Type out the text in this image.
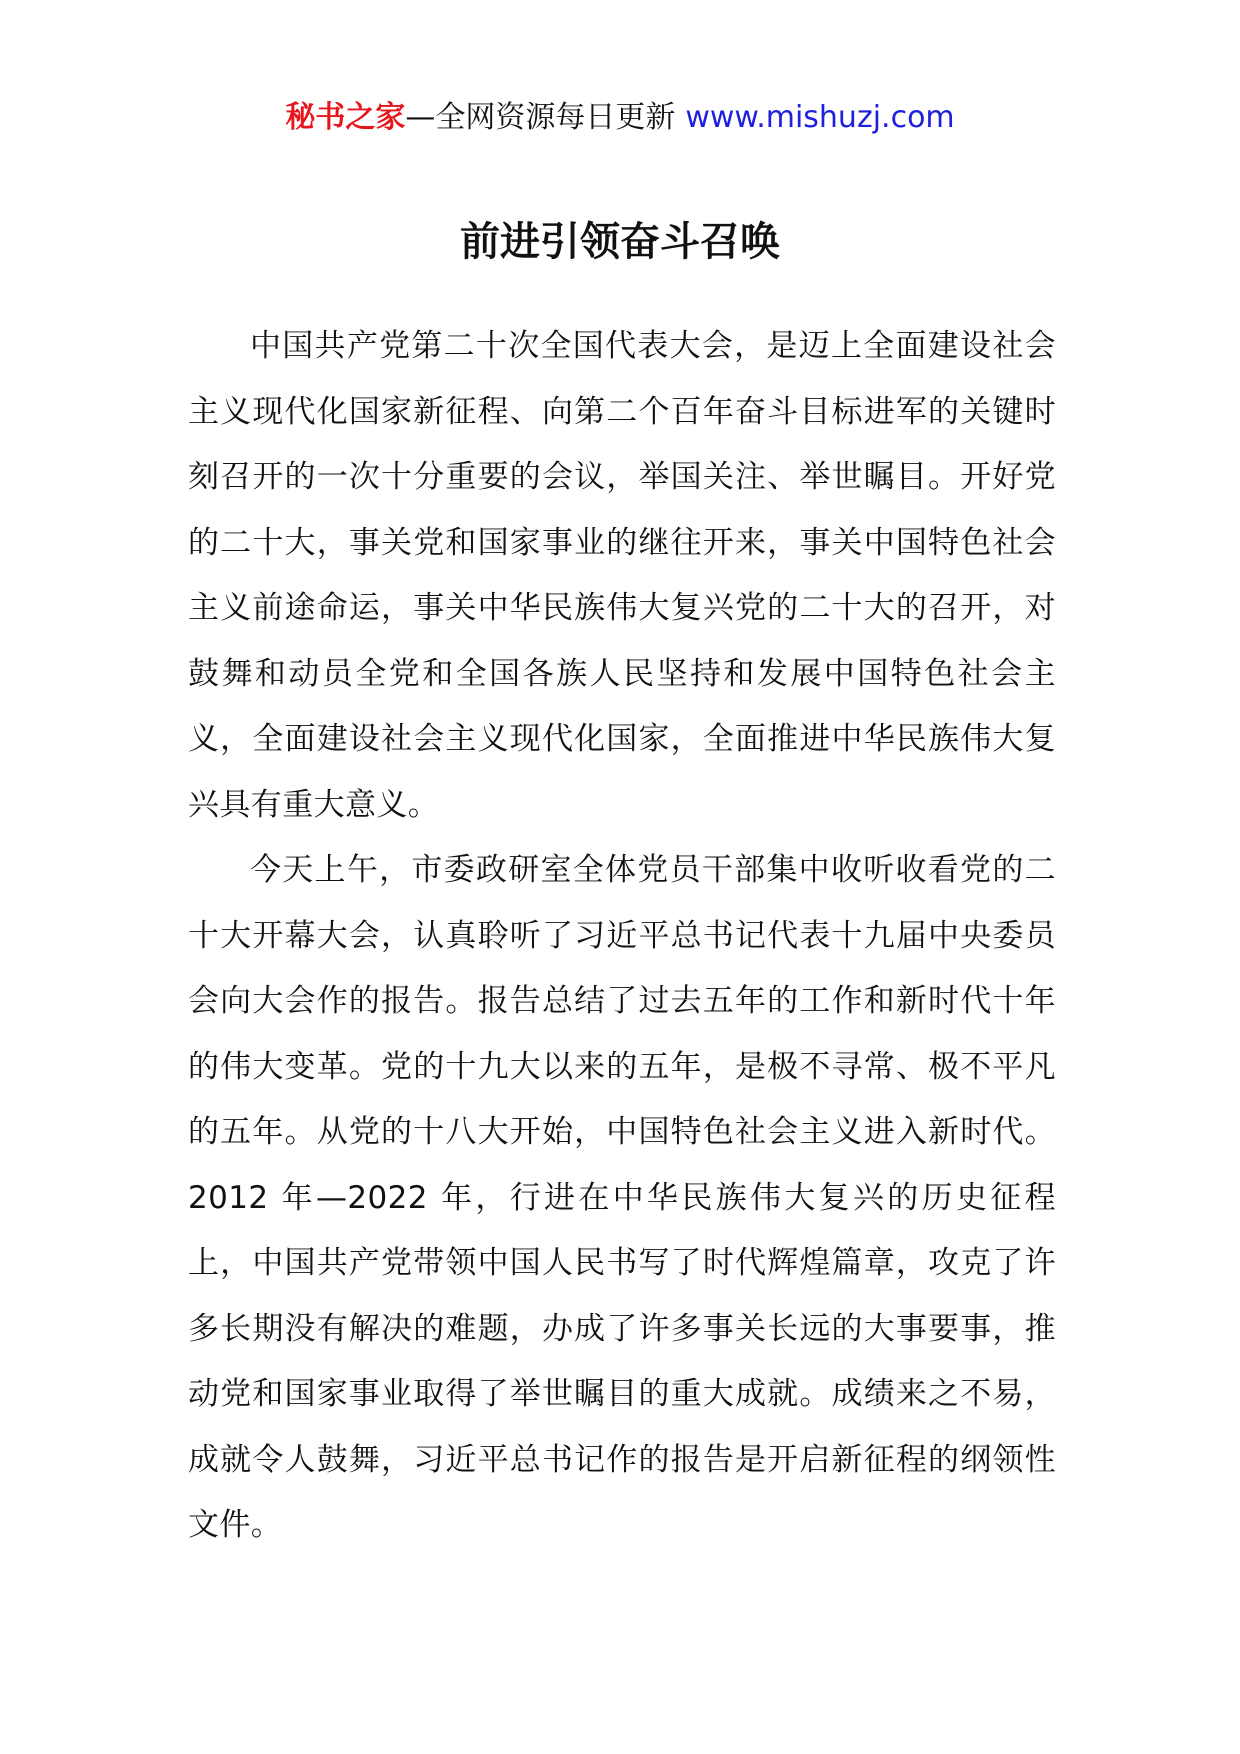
秘书之家—全网资源每日更新 www.mishuzj.com
前进引领奋斗召唤

中国共产党第二十次全国代表大会，是迈上全面建设社会主义现代化国家新征程、向第二个百年奋斗目标进军的关键时刻召开的一次十分重要的会议，举国关注、举世瞩目。开好党的二十大，事关党和国家事业的继往开来，事关中国特色社会主义前途命运，事关中华民族伟大复兴党的二十大的召开，对鼓舞和动员全党和全国各族人民坚持和发展中国特色社会主义，全面建设社会主义现代化国家，全面推进中华民族伟大复兴具有重大意义。

今天上午，市委政研室全体党员干部集中收听收看党的二十大开幕大会，认真聆听了习近平总书记代表十九届中央委员会向大会作的报告。报告总结了过去五年的工作和新时代十年的伟大变革。党的十九大以来的五年，是极不寻常、极不平凡的五年。从党的十八大开始，中国特色社会主义进入新时代。2012 年—2022 年，行进在中华民族伟大复兴的历史征程上，中国共产党带领中国人民书写了时代辉煌篇章，攻克了许多长期没有解决的难题，办成了许多事关长远的大事要事，推动党和国家事业取得了举世瞩目的重大成就。成绩来之不易，成就令人鼓舞，习近平总书记作的报告是开启新征程的纲领性文件。
